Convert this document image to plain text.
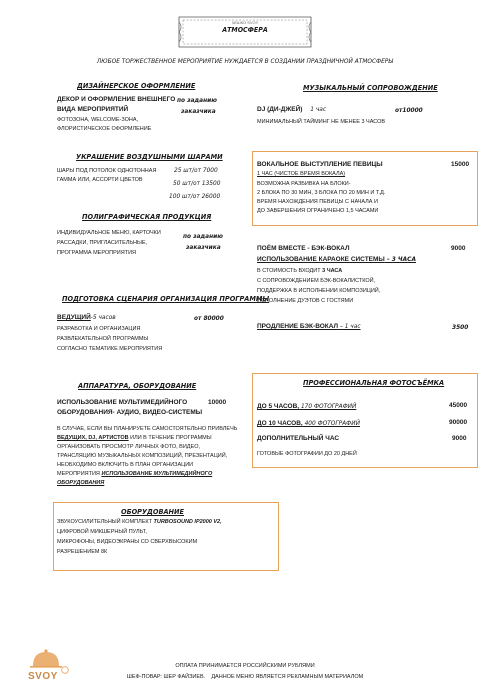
ЧЕШКО SVOY
АТМОСФЕРА
ЛЮБОЕ ТОРЖЕСТВЕННОЕ МЕРОПРИЯТИЕ НУЖДАЕТСЯ В СОЗДАНИИ ПРАЗДНИЧНОЙ АТМОСФЕРЫ
ДИЗАЙНЕРСКОЕ ОФОРМЛЕНИЕ
ДЕКОР И ОФОРМЛЕНИЕ ВНЕШНЕГО
ВИДА МЕРОПРИЯТИЙ
по заданию
заказчика
ФОТОЗОНА, WELCOME-ЗОНА,
ФЛОРИСТИЧЕСКОЕ ОФОРМЛЕНИЕ
УКРАШЕНИЕ ВОЗДУШНЫМИ ШАРАМИ
ШАРЫ ПОД ПОТОЛОК ОДНОТОННАЯ
ГАММА ИЛИ, АССОРТИ ЦВЕТОВ
25 шт/от 7000
50 шт/от 13500
100 шт/от 26000
ПОЛИГРАФИЧЕСКАЯ ПРОДУКЦИЯ
ИНДИВИДУАЛЬНОЕ МЕНЮ, КАРТОЧКИ
РАССАДКИ, ПРИГЛАСИТЕЛЬНЫЕ,
ПРОГРАММА МЕРОПРИЯТИЯ
по заданию
заказчика
ПОДГОТОВКА СЦЕНАРИЯ ОРГАНИЗАЦИЯ ПРОГРАММЫ
ВЕДУЩИЙ-5 часов	от 80000
РАЗРАБОТКА И ОРГАНИЗАЦИЯ
РАЗВЛЕКАТЕЛЬНОЙ ПРОГРАММЫ
СОГЛАСНО ТЕМАТИКЕ МЕРОПРИЯТИЯ
АППАРАТУРА, ОБОРУДОВАНИЕ
ИСПОЛЬЗОВАНИЕ МУЛЬТИМЕДИЙНОГО
ОБОРУДОВАНИЯ- АУДИО, ВИДЕО-СИСТЕМЫ
10000
В СЛУЧАЕ, ЕСЛИ ВЫ ПЛАНИРУЕТЕ САМОСТОЯТЕЛЬНО ПРИВЛЕЧЬ
ВЕДУЩИХ, DJ, АРТИСТОВ ИЛИ В ТЕЧЕНИЕ ПРОГРАММЫ
ОРГАНИЗОВАТЬ ПРОСМОТР ЛИЧНЫХ ФОТО, ВИДЕО,
ТРАНСЛЯЦИЮ МУЗЫКАЛЬНЫХ КОМПОЗИЦИЙ, ПРЕЗЕНТАЦИЙ,
НЕОБХОДИМО ВКЛЮЧИТЬ В ПЛАН ОРГАНИЗАЦИИ
МЕРОПРИЯТИЯ ИСПОЛЬЗОВАНИЕ МУЛЬТИМЕДИЙНОГО
ОБОРУДОВАНИЯ
ОБОРУДОВАНИЕ
ЗВУКОУСИЛИТЕЛЬНЫЙ КОМПЛЕКТ TURBOSOUND IP2000 V2,
ЦИФРОВОЙ МИКШЕРНЫЙ ПУЛЬТ,
МИКРОФОНЫ, ВИДЕОЭКРАНЫ СО СВЕРХВЫСОКИМ
РАЗРЕШЕНИЕМ 8К
МУЗЫКАЛЬНЫЙ СОПРОВОЖДЕНИЕ
DJ (ДИ-ДЖЕЙ) 1 час	от10000
МИНИМАЛЬНЫЙ ТАЙМИНГ НЕ МЕНЕЕ 3 ЧАСОВ
ВОКАЛЬНОЕ ВЫСТУПЛЕНИЕ ПЕВИЦЫ	15000
1 ЧАС (ЧИСТОЕ ВРЕМЯ ВОКАЛА)
ВОЗМОЖНА РАЗБИВКА НА БЛОКИ-
2 БЛОКА ПО 30 МИН, 3 БЛОКА ПО 20 МИН И Т.Д.
ВРЕМЯ НАХОЖДЕНИЯ ПЕВИЦЫ С НАЧАЛА И
ДО ЗАВЕРШЕНИЯ ОГРАНИЧЕНО 1,5 ЧАСАМИ
ПОЁМ ВМЕСТЕ - БЭК-ВОКАЛ	9000
ИСПОЛЬЗОВАНИЕ КАРАОКЕ СИСТЕМЫ – 3 ЧАСА
В СТОИМОСТЬ ВХОДИТ 3 ЧАСА
С СОПРОВОЖДЕНИЕМ БЭК-ВОКАЛИСТКОЙ,
ПОДДЕРЖКА В ИСПОЛНЕНИИ КОМПОЗИЦИЙ,
ИСПОЛНЕНИЕ ДУЭТОВ С ГОСТЯМИ
ПРОДЛЕНИЕ БЭК-ВОКАЛ – 1 час	3500
ПРОФЕССИОНАЛЬНАЯ ФОТОСЪЁМКА
ДО 5 ЧАСОВ, 170 ФОТОГРАФИЙ	45000
ДО 10 ЧАСОВ, 400 ФОТОГРАФИЙ	90000
ДОПОЛНИТЕЛЬНЫЙ ЧАС	9000
ГОТОВЫЕ ФОТОГРАФИИ ДО 20 ДНЕЙ
SVOY
ОПЛАТА ПРИНИМАЕТСЯ РОССИЙСКИМИ РУБЛЯМИ
ШЕФ-ПОВАР: ШЕР ФАЙЗИЕВ.    ДАННОЕ МЕНЮ ЯВЛЯЕТСЯ РЕКЛАМНЫМ МАТЕРИАЛОМ
